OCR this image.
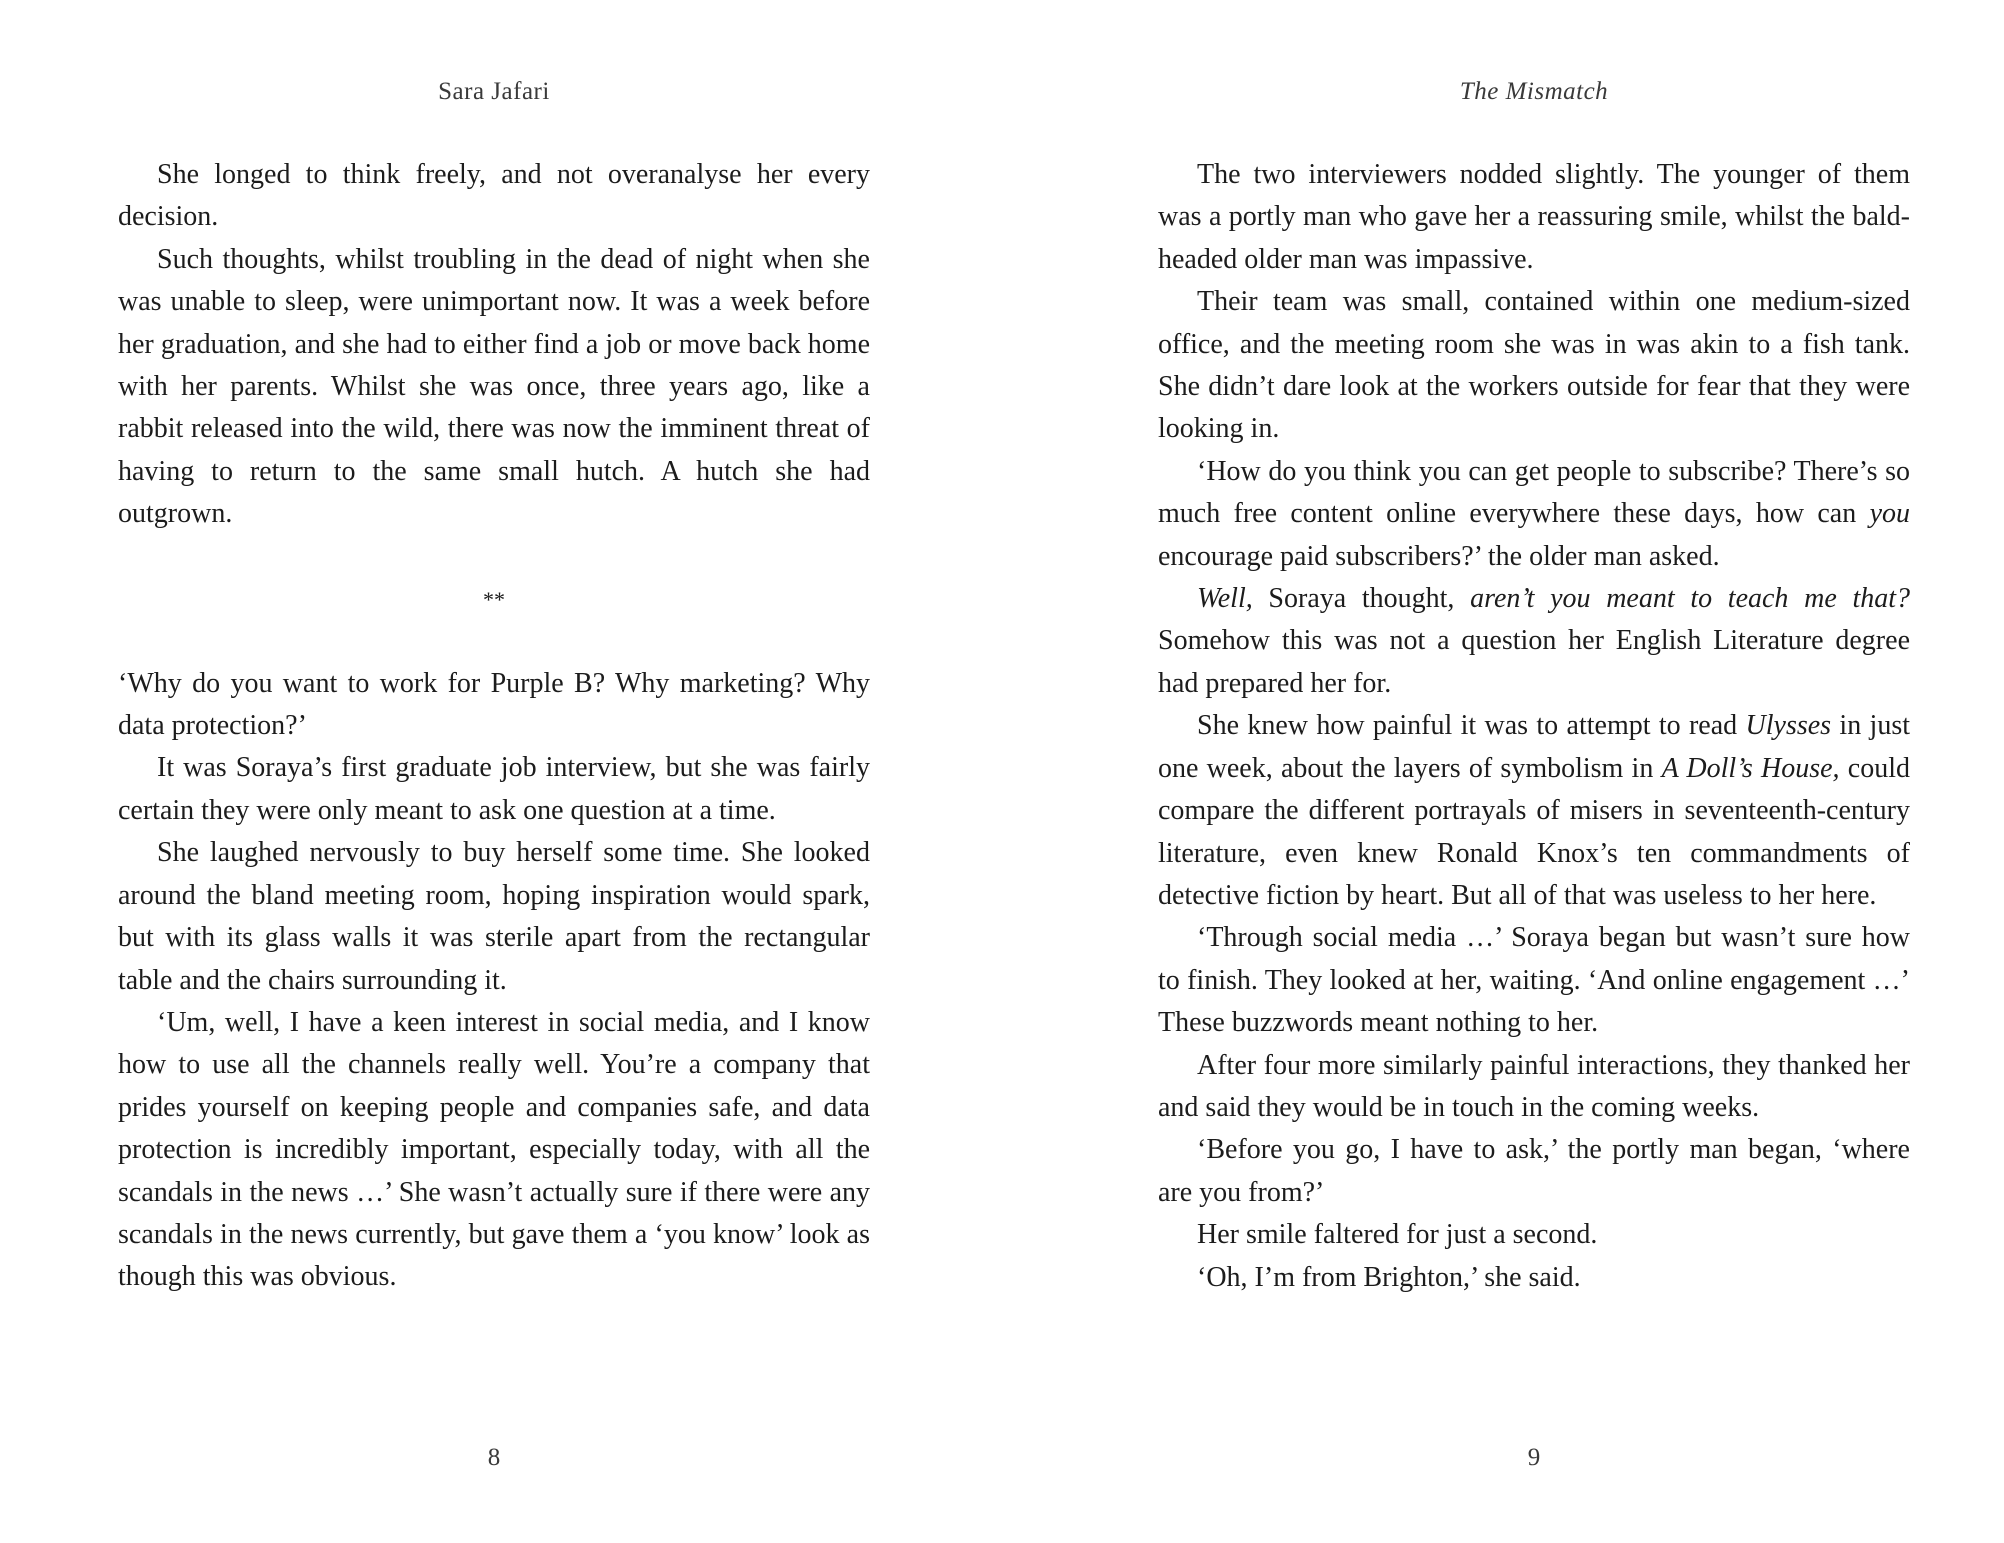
Sara Jafari

She longed to think freely, and not overanalyse her every decision.

Such thoughts, whilst troubling in the dead of night when she was unable to sleep, were unimportant now. It was a week before her graduation, and she had to either find a job or move back home with her parents. Whilst she was once, three years ago, like a rabbit released into the wild, there was now the imminent threat of having to return to the same small hutch. A hutch she had outgrown.

**

‘Why do you want to work for Purple B? Why marketing? Why data protection?’

It was Soraya’s first graduate job interview, but she was fairly certain they were only meant to ask one question at a time.

She laughed nervously to buy herself some time. She looked around the bland meeting room, hoping inspiration would spark, but with its glass walls it was sterile apart from the rectangular table and the chairs surrounding it.

‘Um, well, I have a keen interest in social media, and I know how to use all the channels really well. You’re a company that prides yourself on keeping people and companies safe, and data protection is incredibly important, especially today, with all the scandals in the news …’ She wasn’t actually sure if there were any scandals in the news currently, but gave them a ‘you know’ look as though this was obvious.

8
The Mismatch

The two interviewers nodded slightly. The younger of them was a portly man who gave her a reassuring smile, whilst the bald-headed older man was impassive.

Their team was small, contained within one medium-sized office, and the meeting room she was in was akin to a fish tank. She didn’t dare look at the workers outside for fear that they were looking in.

‘How do you think you can get people to subscribe? There’s so much free content online everywhere these days, how can you encourage paid subscribers?’ the older man asked.

Well, Soraya thought, aren’t you meant to teach me that? Somehow this was not a question her English Literature degree had prepared her for.

She knew how painful it was to attempt to read Ulysses in just one week, about the layers of symbolism in A Doll’s House, could compare the different portrayals of misers in seventeenth-century literature, even knew Ronald Knox’s ten commandments of detective fiction by heart. But all of that was useless to her here.

‘Through social media …’ Soraya began but wasn’t sure how to finish. They looked at her, waiting. ‘And online engagement …’ These buzzwords meant nothing to her.

After four more similarly painful interactions, they thanked her and said they would be in touch in the coming weeks.

‘Before you go, I have to ask,’ the portly man began, ‘where are you from?’

Her smile faltered for just a second.

‘Oh, I’m from Brighton,’ she said.

9
